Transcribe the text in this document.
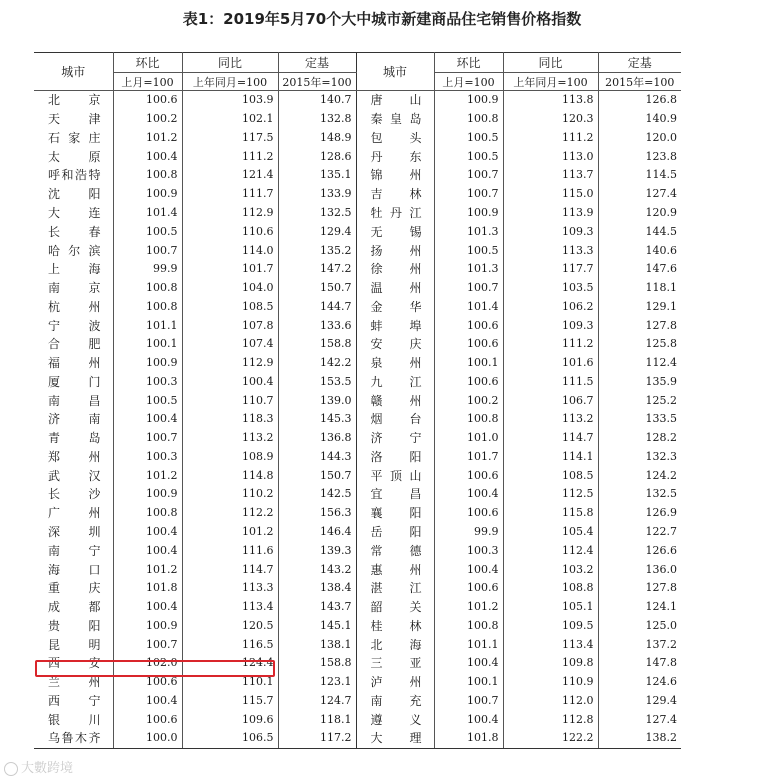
表1：2019年5月70个大中城市新建商品住宅销售价格指数
城市	环比	同比	定基	城市	环比	同比	定基
	上月=100	上年同月=100	2015年=100		上月=100	上年同月=100	2015年=100
北京	100.6	103.9	140.7	唐山	100.9	113.8	126.8
天津	100.2	102.1	132.8	秦皇岛	100.8	120.3	140.9
石家庄	101.2	117.5	148.9	包头	100.5	111.2	120.0
太原	100.4	111.2	128.6	丹东	100.5	113.0	123.8
呼和浩特	100.8	121.4	135.1	锦州	100.7	113.7	114.5
沈阳	100.9	111.7	133.9	吉林	100.7	115.0	127.4
大连	101.4	112.9	132.5	牡丹江	100.9	113.9	120.9
长春	100.5	110.6	129.4	无锡	101.3	109.3	144.5
哈尔滨	100.7	114.0	135.2	扬州	100.5	113.3	140.6
上海	99.9	101.7	147.2	徐州	101.3	117.7	147.6
南京	100.8	104.0	150.7	温州	100.7	103.5	118.1
杭州	100.8	108.5	144.7	金华	101.4	106.2	129.1
宁波	101.1	107.8	133.6	蚌埠	100.6	109.3	127.8
合肥	100.1	107.4	158.8	安庆	100.6	111.2	125.8
福州	100.9	112.9	142.2	泉州	100.1	101.6	112.4
厦门	100.3	100.4	153.5	九江	100.6	111.5	135.9
南昌	100.5	110.7	139.0	赣州	100.2	106.7	125.2
济南	100.4	118.3	145.3	烟台	100.8	113.2	133.5
青岛	100.7	113.2	136.8	济宁	101.0	114.7	128.2
郑州	100.3	108.9	144.3	洛阳	101.7	114.1	132.3
武汉	101.2	114.8	150.7	平顶山	100.6	108.5	124.2
长沙	100.9	110.2	142.5	宜昌	100.4	112.5	132.5
广州	100.8	112.2	156.3	襄阳	100.6	115.8	126.9
深圳	100.4	101.2	146.4	岳阳	99.9	105.4	122.7
南宁	100.4	111.6	139.3	常德	100.3	112.4	126.6
海口	101.2	114.7	143.2	惠州	100.4	103.2	136.0
重庆	101.8	113.3	138.4	湛江	100.6	108.8	127.8
成都	100.4	113.4	143.7	韶关	101.2	105.1	124.1
贵阳	100.9	120.5	145.1	桂林	100.8	109.5	125.0
昆明	100.7	116.5	138.1	北海	101.1	113.4	137.2
西安	102.0	124.4	158.8	三亚	100.4	109.8	147.8
兰州	100.6	110.1	123.1	泸州	100.1	110.9	124.6
西宁	100.4	115.7	124.7	南充	100.7	112.0	129.4
银川	100.6	109.6	118.1	遵义	100.4	112.8	127.4
乌鲁木齐	100.0	106.5	117.2	大理	101.8	122.2	138.2
大數跨境
